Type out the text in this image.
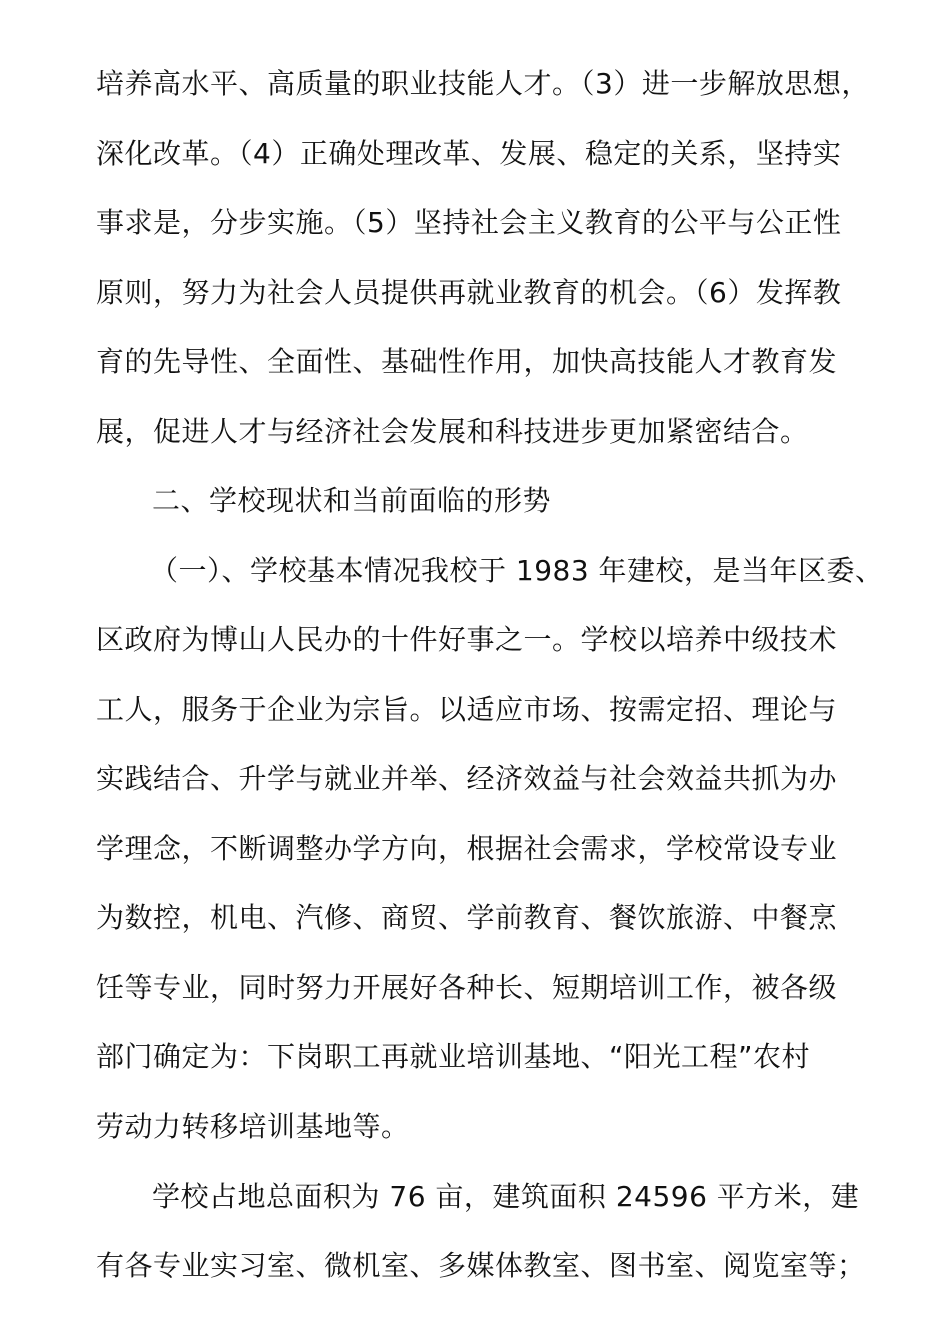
培养高水平、高质量的职业技能人才。（3）进一步解放思想，
深化改革。（4）正确处理改革、发展、稳定的关系，坚持实
事求是，分步实施。（5）坚持社会主义教育的公平与公正性
原则，努力为社会人员提供再就业教育的机会。（6）发挥教
育的先导性、全面性、基础性作用，加快高技能人才教育发
展，促进人才与经济社会发展和科技进步更加紧密结合。
二、学校现状和当前面临的形势
（一）、学校基本情况我校于 1983 年建校，是当年区委、
区政府为博山人民办的十件好事之一。学校以培养中级技术
工人，服务于企业为宗旨。以适应市场、按需定招、理论与
实践结合、升学与就业并举、经济效益与社会效益共抓为办
学理念，不断调整办学方向，根据社会需求，学校常设专业
为数控，机电、汽修、商贸、学前教育、餐饮旅游、中餐烹
饪等专业，同时努力开展好各种长、短期培训工作，被各级
部门确定为：下岗职工再就业培训基地、“阳光工程”农村
劳动力转移培训基地等。
学校占地总面积为 76 亩，建筑面积 24596 平方米，建
有各专业实习室、微机室、多媒体教室、图书室、阅览室等；
